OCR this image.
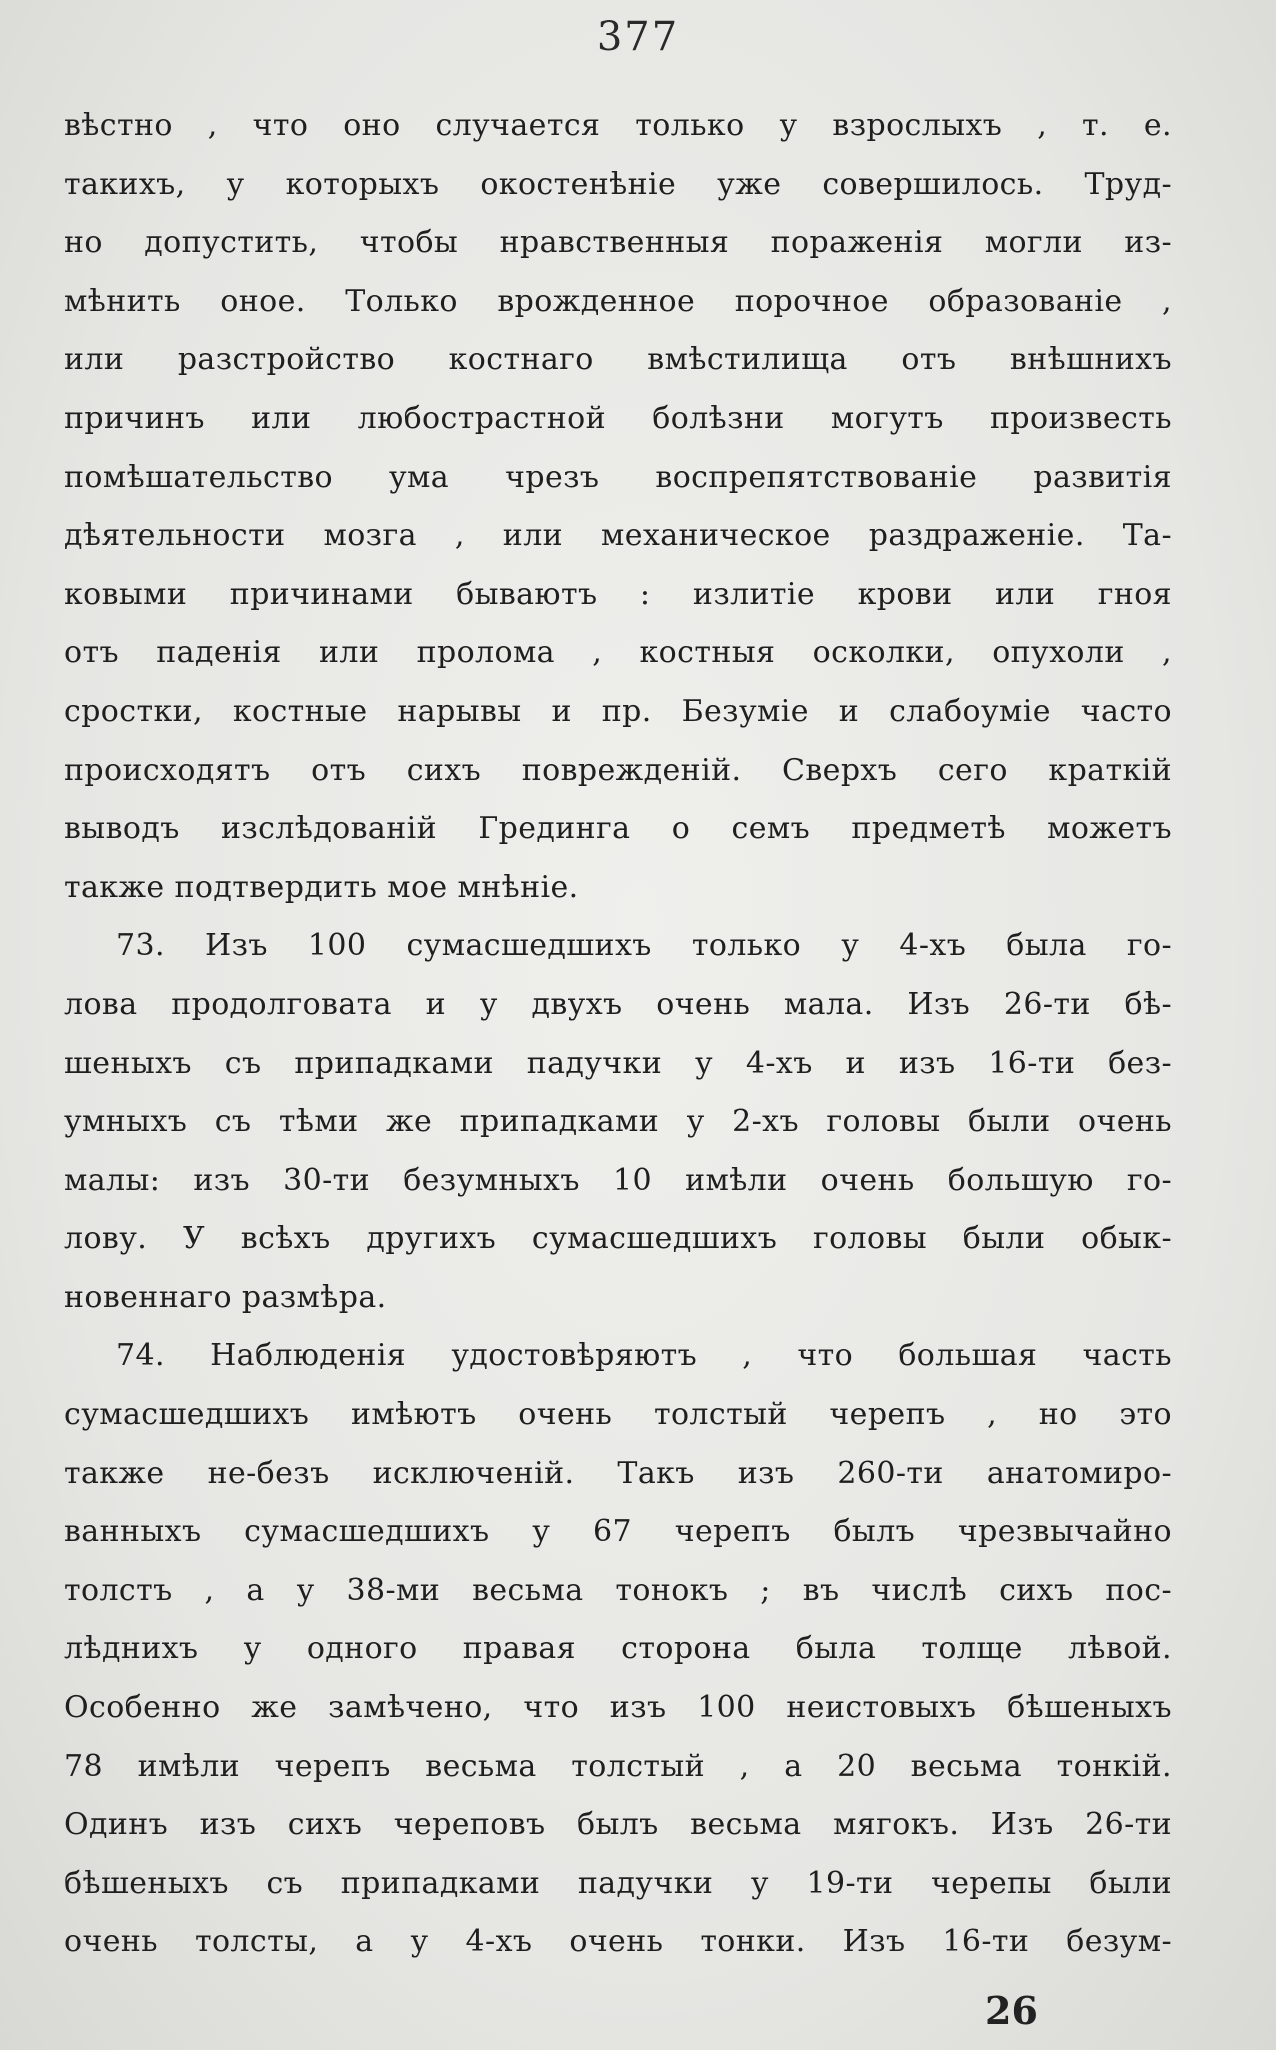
377
вѣстно , что оно случается только у взрослыхъ , т. е.
такихъ, у которыхъ окостенѣніе уже совершилось. Труд-
но допустить, чтобы нравственныя пораженія могли из-
мѣнить оное. Только врожденное порочное образованіе ,
или разстройство костнаго вмѣстилища отъ внѣшнихъ
причинъ или любострастной болѣзни могутъ произвесть
помѣшательство ума чрезъ воспрепятствованіе развитія
дѣятельности мозга , или механическое раздраженіе. Та-
ковыми причинами бываютъ : излитіе крови или гноя
отъ паденія или пролома , костныя осколки, опухоли ,
сростки, костные нарывы и пр. Безуміе и слабоуміе часто
происходятъ отъ сихъ поврежденій. Сверхъ сего краткій
выводъ изслѣдованій Грединга о семъ предметѣ можетъ
также подтвердить мое мнѣніе.
73. Изъ 100 сумасшедшихъ только у 4-хъ была го-
лова продолговата и у двухъ очень мала. Изъ 26-ти бѣ-
шеныхъ съ припадками падучки у 4-хъ и изъ 16-ти без-
умныхъ съ тѣми же припадками у 2-хъ головы были очень
малы: изъ 30-ти безумныхъ 10 имѣли очень большую го-
лову. У всѣхъ другихъ сумасшедшихъ головы были обык-
новеннаго размѣра.
74. Наблюденія удостовѣряютъ , что большая часть
сумасшедшихъ имѣютъ очень толстый черепъ , но это
также не-безъ исключеній. Такъ изъ 260-ти анатомиро-
ванныхъ сумасшедшихъ у 67 черепъ былъ чрезвычайно
толстъ , а у 38-ми весьма тонокъ ; въ числѣ сихъ пос-
лѣднихъ у одного правая сторона была толще лѣвой.
Особенно же замѣчено, что изъ 100 неистовыхъ бѣшеныхъ
78 имѣли черепъ весьма толстый , а 20 весьма тонкій.
Одинъ изъ сихъ череповъ былъ весьма мягокъ. Изъ 26-ти
бѣшеныхъ съ припадками падучки у 19-ти черепы были
очень толсты, а у 4-хъ очень тонки. Изъ 16-ти безум-
26
